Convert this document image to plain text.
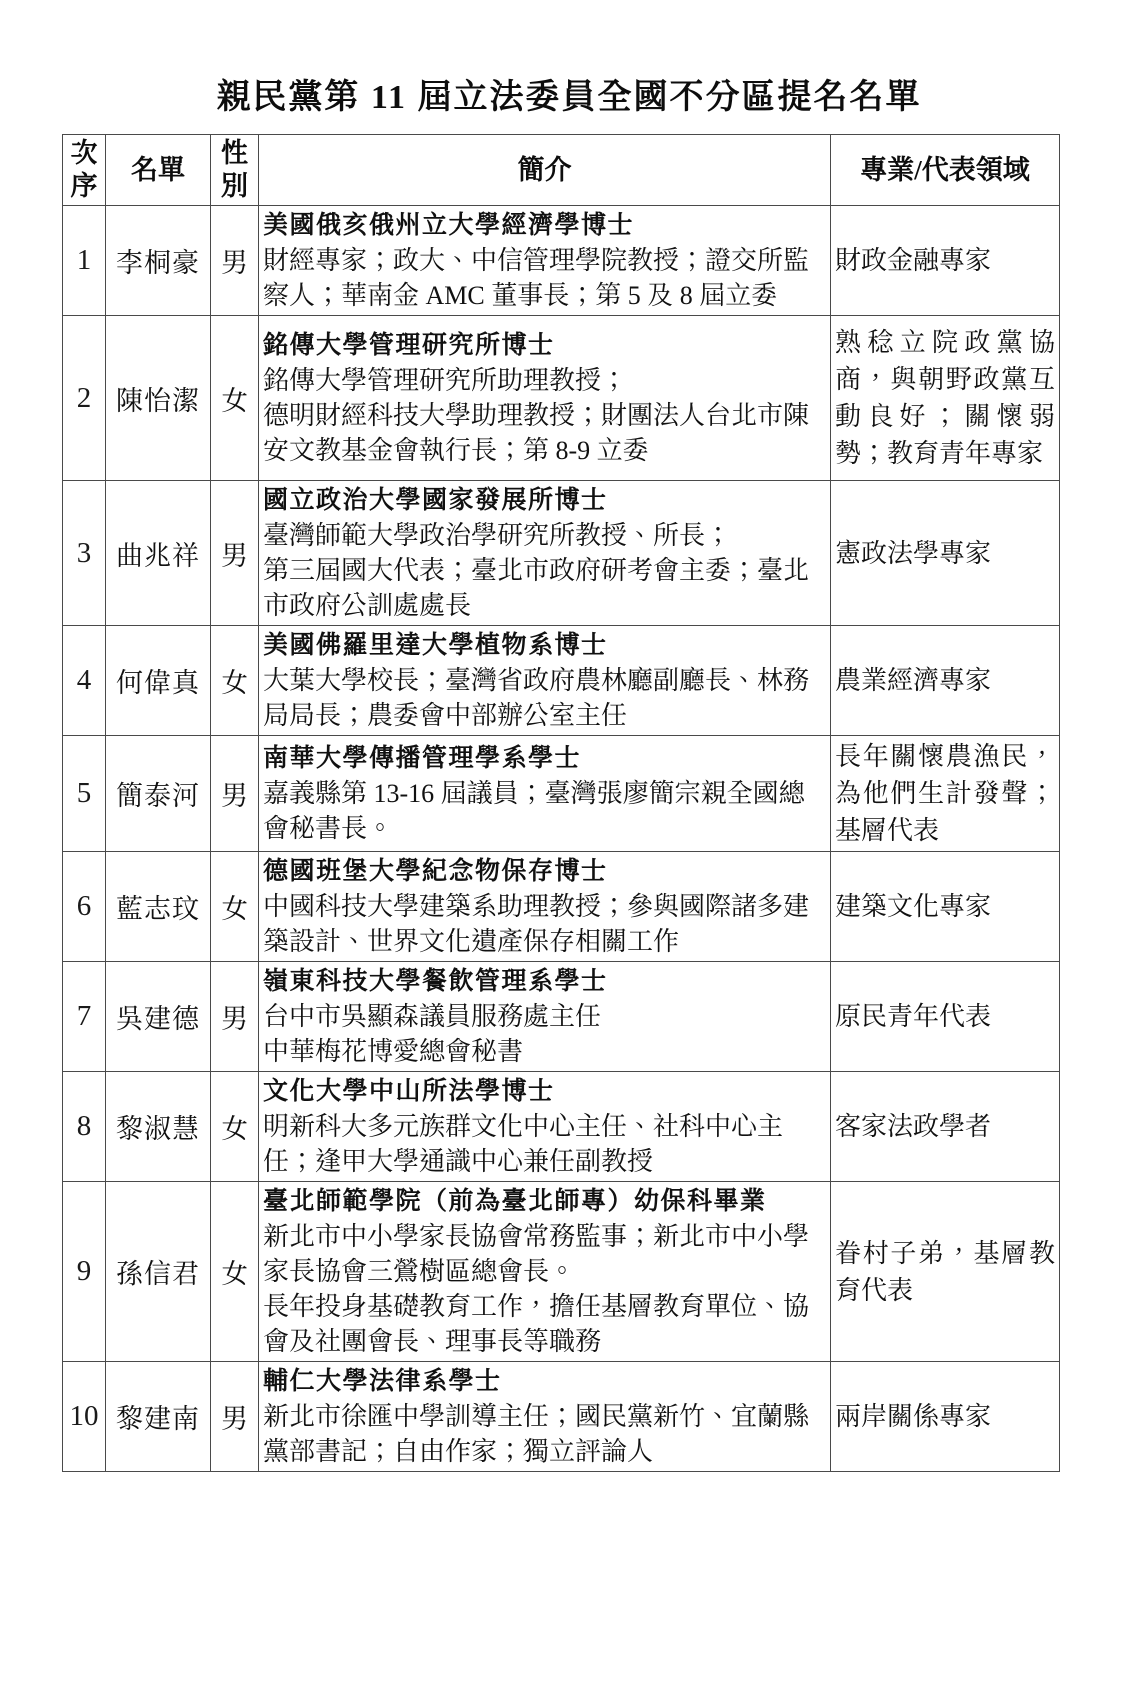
親民黨第 11 屆立法委員全國不分區提名名單
次序	名單	性別	簡介	專業/代表領域
1	李桐豪	男	美國俄亥俄州立大學經濟學博士
財經專家；政大、中信管理學院教授；證交所監察人；華南金 AMC 董事長；第 5 及 8 屆立委	財政金融專家
2	陳怡潔	女	銘傳大學管理研究所博士
銘傳大學管理研究所助理教授；
德明財經科技大學助理教授；財團法人台北市陳安文教基金會執行長；第 8-9 立委	熟稔立院政黨協商，與朝野政黨互動良好；關懷弱勢；教育青年專家
3	曲兆祥	男	國立政治大學國家發展所博士
臺灣師範大學政治學研究所教授、所長；
第三屆國大代表；臺北市政府研考會主委；臺北市政府公訓處處長	憲政法學專家
4	何偉真	女	美國佛羅里達大學植物系博士
大葉大學校長；臺灣省政府農林廳副廳長、林務局局長；農委會中部辦公室主任	農業經濟專家
5	簡泰河	男	南華大學傳播管理學系學士
嘉義縣第 13-16 屆議員；臺灣張廖簡宗親全國總會秘書長。	長年關懷農漁民，為他們生計發聲；基層代表
6	藍志玟	女	德國班堡大學紀念物保存博士
中國科技大學建築系助理教授；參與國際諸多建築設計、世界文化遺產保存相關工作	建築文化專家
7	吳建德	男	嶺東科技大學餐飲管理系學士
台中市吳顯森議員服務處主任
中華梅花博愛總會秘書	原民青年代表
8	黎淑慧	女	文化大學中山所法學博士
明新科大多元族群文化中心主任、社科中心主任；逢甲大學通識中心兼任副教授	客家法政學者
9	孫信君	女	臺北師範學院（前為臺北師專）幼保科畢業
新北市中小學家長協會常務監事；新北市中小學家長協會三鶯樹區總會長。
長年投身基礎教育工作，擔任基層教育單位、協會及社團會長、理事長等職務	眷村子弟，基層教育代表
10	黎建南	男	輔仁大學法律系學士
新北市徐匯中學訓導主任；國民黨新竹、宜蘭縣黨部書記；自由作家；獨立評論人	兩岸關係專家
